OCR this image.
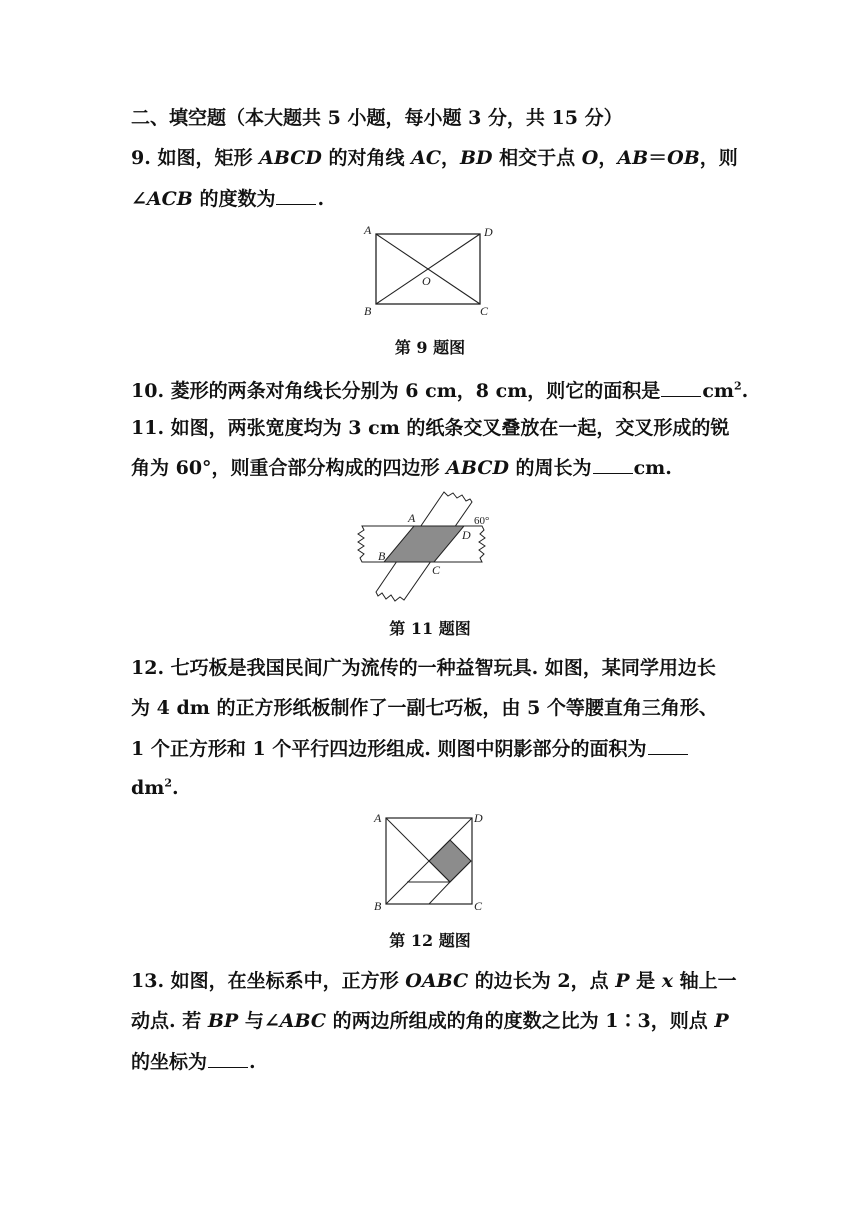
二、填空题（本大题共 5 小题，每小题 3 分，共 15 分）
9. 如图，矩形 ABCD 的对角线 AC，BD 相交于点 O，AB＝OB，则
∠ACB 的度数为 .
A	D
O
B	C
第 9 题图
10. 菱形的两条对角线长分别为 6 cm，8 cm，则它的面积是 $cm^2$.
11. 如图，两张宽度均为 3 cm 的纸条交叉叠放在一起，交叉形成的锐
角为 60°，则重合部分构成的四边形 ABCD 的周长为 cm.
A
D
B
C
60°
第 11 题图
12. 七巧板是我国民间广为流传的一种益智玩具. 如图，某同学用边长
为 4 dm 的正方形纸板制作了一副七巧板，由 5 个等腰直角三角形、
1 个正方形和 1 个平行四边形组成. 则图中阴影部分的面积为
$dm^2$.
A	D
B	C
第 12 题图
13. 如图，在坐标系中，正方形 OABC 的边长为 2，点 P 是 x 轴上一
动点. 若 BP 与∠ABC 的两边所组成的角的度数之比为 1∶3，则点 P
的坐标为 .
